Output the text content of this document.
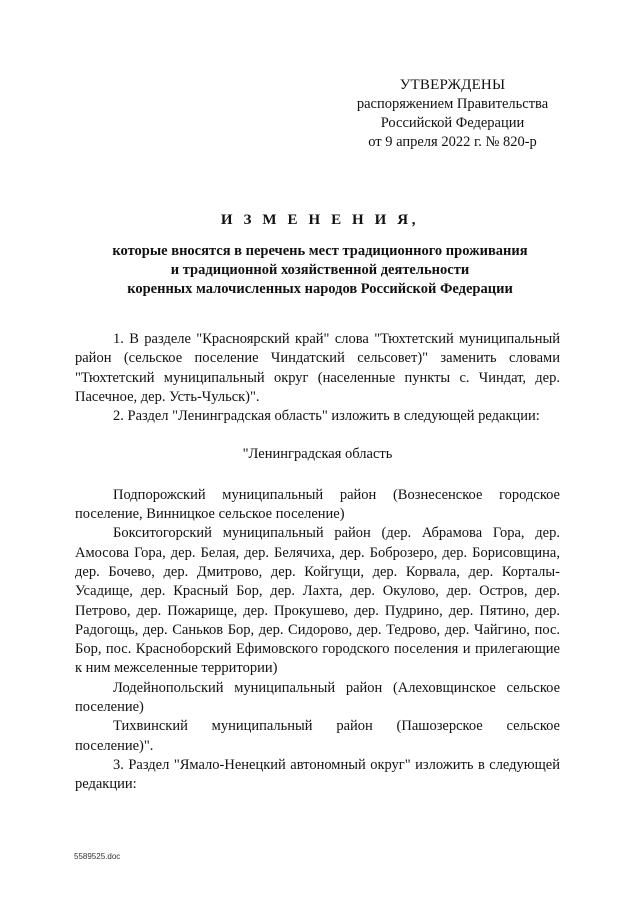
УТВЕРЖДЕНЫ
распоряжением Правительства
Российской Федерации
от 9 апреля 2022 г. № 820-р
И З М Е Н Е Н И Я,
которые вносятся в перечень мест традиционного проживания
и традиционной хозяйственной деятельности
коренных малочисленных народов Российской Федерации

1. В разделе "Красноярский край" слова "Тюхтетский муниципальный район (сельское поселение Чиндатский сельсовет)" заменить словами "Тюхтетский муниципальный округ (населенные пункты с. Чиндат, дер. Пасечное, дер. Усть-Чульск)".

2. Раздел "Ленинградская область" изложить в следующей редакции:

"Ленинградская область

Подпорожский муниципальный район (Вознесенское городское поселение, Винницкое сельское поселение)

Бокситогорский муниципальный район (дер. Абрамова Гора, дер. Амосова Гора, дер. Белая, дер. Белячиха, дер. Боброзеро, дер. Борисовщина, дер. Бочево, дер. Дмитрово, дер. Койгущи, дер. Корвала, дер. Корталы-Усадище, дер. Красный Бор, дер. Лахта, дер. Окулово, дер. Остров, дер. Петрово, дер. Пожарище, дер. Прокушево, дер. Пудрино, дер. Пятино, дер. Радогощь, дер. Саньков Бор, дер. Сидорово, дер. Тедрово, дер. Чайгино, пос. Бор, пос. Красноборский Ефимовского городского поселения и прилегающие к ним межселенные территории)

Лодейнопольский муниципальный район (Алеховщинское сельское поселение)

Тихвинский муниципальный район (Пашозерское сельское поселение)".

3. Раздел "Ямало-Ненецкий автономный округ" изложить в следующей редакции:

5589525.doc
